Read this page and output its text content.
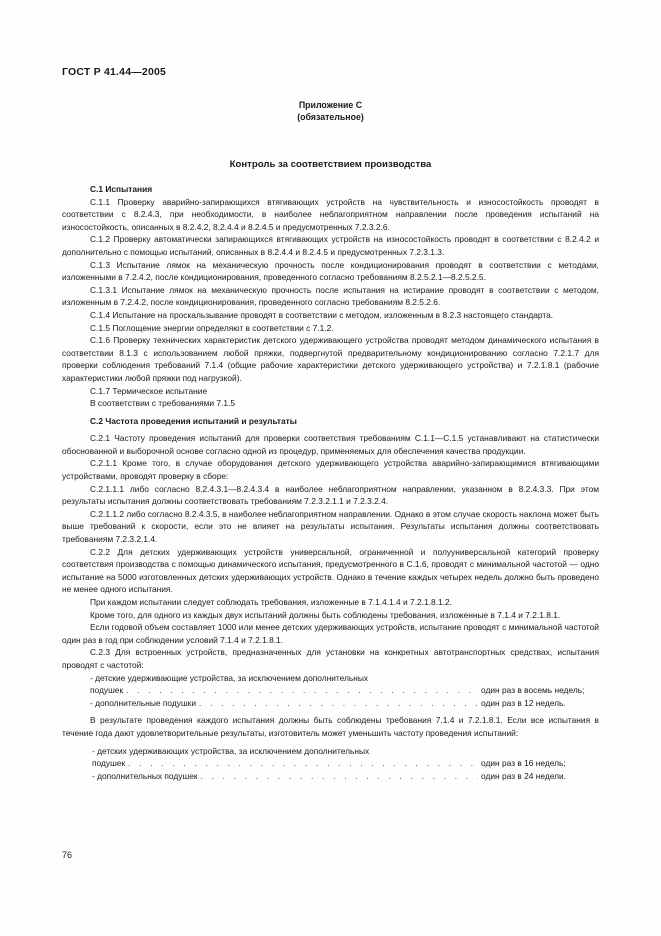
ГОСТ Р 41.44—2005
Приложение С
(обязательное)
Контроль за соответствием производства

С.1 Испытания

С.1.1 Проверку аварийно-запирающихся втягивающих устройств на чувствительность и износостойкость проводят в соответствии с 8.2.4.3, при необходимости, в наиболее неблагоприятном направлении после проведения испытаний на износостойкость, описанных в 8.2.4.2, 8.2.4.4 и 8.2.4.5 и предусмотренных 7.2.3.2.6.

С.1.2 Проверку автоматически запирающихся втягивающих устройств на износостойкость проводят в соответствии с 8.2.4.2 и дополнительно с помощью испытаний, описанных в 8.2.4.4 и 8.2.4.5 и предусмотренных 7.2.3.1.3.

С.1.3 Испытание лямок на механическую прочность после кондиционирования проводят в соответствии с методами, изложенными в 7.2.4.2, после кондиционирования, проведенного согласно требованиям 8.2.5.2.1—8.2.5.2.5.

С.1.3.1 Испытание лямок на механическую прочность после испытания на истирание проводят в соответствии с методом, изложенным в 7.2.4.2, после кондиционирования, проведенного согласно требованиям 8.2.5.2.6.

С.1.4 Испытание на проскальзывание проводят в соответствии с методом, изложенным в 8.2.3 настоящего стандарта.

С.1.5 Поглощение энергии определяют в соответствии с 7.1.2.

С.1.6 Проверку технических характеристик детского удерживающего устройства проводят методом динамического испытания в соответствии 8.1.3 с использованием любой пряжки, подвергнутой предварительному кондиционированию согласно 7.2.1.7 для проверки соблюдения требований 7.1.4 (общие рабочие характеристики детского удерживающего устройства) и 7.2.1.8.1 (рабочие характеристики любой пряжки под нагрузкой).

С.1.7 Термическое испытание

В соответствии с требованиями 7.1.5

С.2 Частота проведения испытаний и результаты

С.2.1 Частоту проведения испытаний для проверки соответствия требованиям С.1.1—С.1.5 устанавливают на статистически обоснованной и выборочной основе согласно одной из процедур, применяемых для обеспечения качества продукции.

С.2.1.1 Кроме того, в случае оборудования детского удерживающего устройства аварийно-запирающимися втягивающими устройствами, проводят проверку в сборе:

С.2.1.1.1 либо согласно 8.2.4.3.1—8.2.4.3.4 в наиболее неблагоприятном направлении, указанном в 8.2.4.3.3. При этом результаты испытания должны соответствовать требованиям 7.2.3.2.1.1 и 7.2.3.2.4.

С.2.1.1.2 либо согласно 8.2.4.3.5, в наиболее неблагоприятном направлении. Однако в этом случае скорость наклона может быть выше требований к скорости, если это не влияет на результаты испытания. Результаты испытания должны соответствовать требованиям 7.2.3.2.1.4.

С.2.2 Для детских удерживающих устройств универсальной, ограниченной и полууниверсальной категорий проверку соответствия производства с помощью динамического испытания, предусмотренного в С.1.6, проводят с минимальной частотой — одно испытание на 5000 изготовленных детских удерживающих устройств. Однако в течение каждых четырех недель должно быть проведено не менее одного испытания.

При каждом испытании следует соблюдать требования, изложенные в 7.1.4.1.4 и 7.2.1.8.1.2.

Кроме того, для одного из каждых двух испытаний должны быть соблюдены требования, изложенные в 7.1.4 и 7.2.1.8.1.

Если годовой объем составляет 1000 или менее детских удерживающих устройств, испытание проводят с минимальной частотой один раз в год при соблюдении условий 7.1.4 и 7.2.1.8.1.

С.2.3 Для встроенных устройств, предназначенных для установки на конкретных автотранспортных средствах, испытания проводят с частотой:

- детские удерживающие устройства, за исключением дополнительных
подушек . . .	один раз в восемь недель;
- дополнительные подушки . . .	один раз в 12 недель.

В результате проведения каждого испытания должны быть соблюдены требования 7.1.4 и 7.2.1.8.1. Если все испытания в течение года дают удовлетворительные результаты, изготовитель может уменьшить частоту проведения испытаний:

- детских удерживающих устройства, за исключением дополнительных
подушек . . .	один раз в 16 недель;
- дополнительных подушек . . .	один раз в 24 недели.
76
